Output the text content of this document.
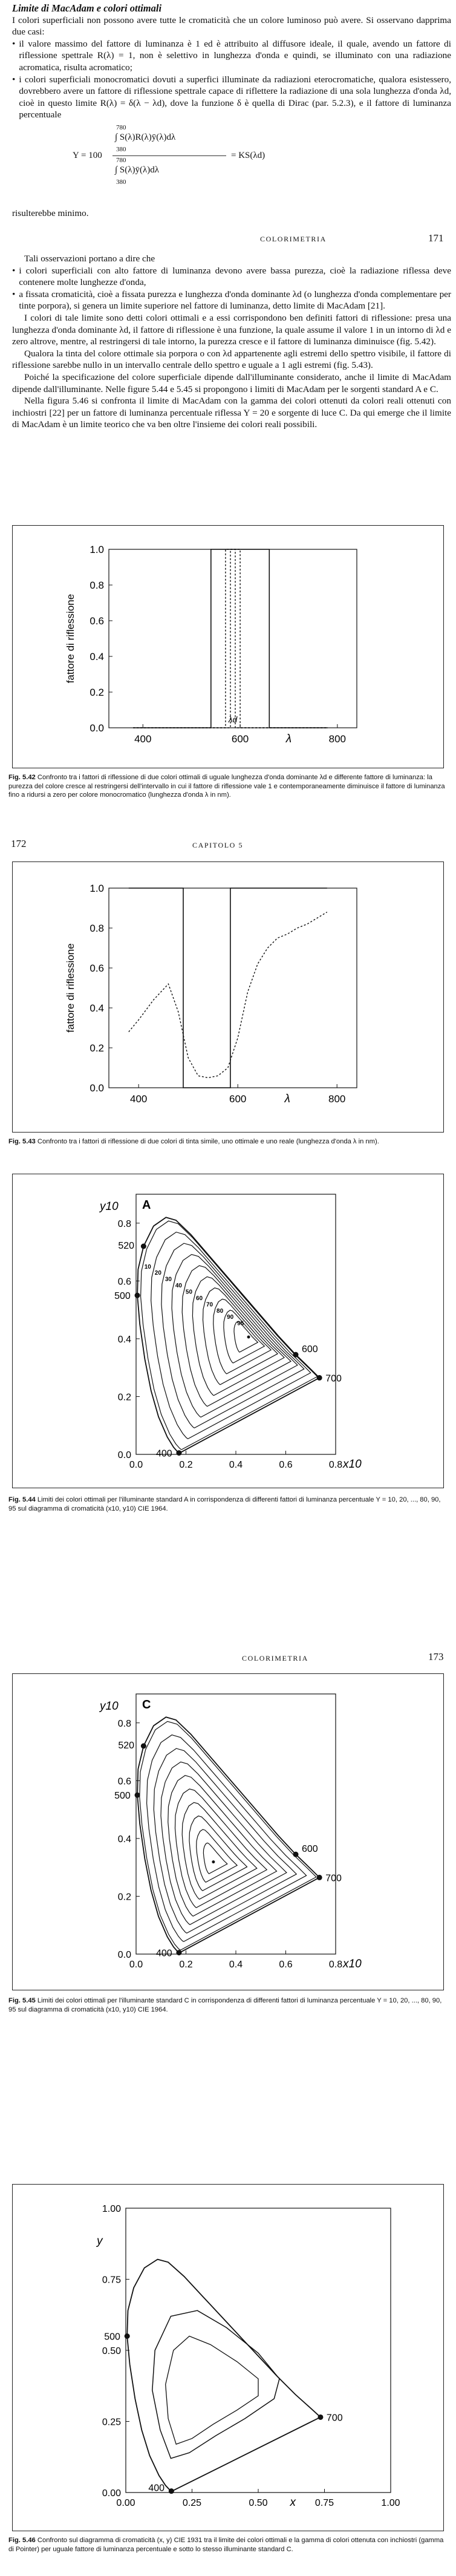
Limite di MacAdam e colori ottimali
I colori superficiali non possono avere tutte le cromaticità che un colore luminoso può avere. Si osservano dapprima due casi:
• il valore massimo del fattore di luminanza è 1 ed è attribuito al diffusore ideale, il quale, avendo un fattore di riflessione spettrale R(λ) = 1, non è selettivo in lunghezza d'onda e quindi, se illuminato con una radiazione acromatica, risulta acromatico;
• i colori superficiali monocromatici dovuti a superfici illuminate da radiazioni eterocromatiche, qualora esistessero, dovrebbero avere un fattore di riflessione spettrale capace di riflettere la radiazione di una sola lunghezza d'onda λd, cioè in questo limite R(λ) = δ(λ − λd), dove la funzione δ è quella di Dirac (par. 5.2.3), e il fattore di luminanza percentuale
Y = 100
780
∫ S(λ)R(λ)ȳ(λ)dλ
380
780
∫ S(λ)ȳ(λ)dλ
380
= KS(λd)
risulterebbe minimo.
COLORIMETRIA	171
Tali osservazioni portano a dire che
• i colori superficiali con alto fattore di luminanza devono avere bassa purezza, cioè la radiazione riflessa deve contenere molte lunghezze d'onda,
• a fissata cromaticità, cioè a fissata purezza e lunghezza d'onda dominante λd (o lunghezza d'onda complementare per tinte porpora), si genera un limite superiore nel fattore di luminanza, detto limite di MacAdam [21].
I colori di tale limite sono detti colori ottimali e a essi corrispondono ben definiti fattori di riflessione: presa una lunghezza d'onda dominante λd, il fattore di riflessione è una funzione, la quale assume il valore 1 in un intorno di λd e zero altrove, mentre, al restringersi di tale intorno, la purezza cresce e il fattore di luminanza diminuisce (fig. 5.42).
Qualora la tinta del colore ottimale sia porpora o con λd appartenente agli estremi dello spettro visibile, il fattore di riflessione sarebbe nullo in un intervallo centrale dello spettro e uguale a 1 agli estremi (fig. 5.43).
Poiché la specificazione del colore superficiale dipende dall'illuminante considerato, anche il limite di MacAdam dipende dall'illuminante. Nelle figure 5.44 e 5.45 si propongono i limiti di MacAdam per le sorgenti standard A e C.
Nella figura 5.46 si confronta il limite di MacAdam con la gamma dei colori ottenuti da colori reali ottenuti con inchiostri [22] per un fattore di luminanza percentuale riflessa Y = 20 e sorgente di luce C. Da qui emerge che il limite di MacAdam è un limite teorico che va ben oltre l'insieme dei colori reali possibili.
0.0
0.2
0.4
0.6
0.8
1.0
400	600	800
λ
fattore di riflessione
λd
Fig. 5.42 Confronto tra i fattori di riflessione di due colori ottimali di uguale lunghezza d'onda dominante λd e differente fattore di luminanza: la purezza del colore cresce al restringersi dell'intervallo in cui il fattore di riflessione vale 1 e contemporaneamente diminuisce il fattore di luminanza fino a ridursi a zero per colore monocromatico (lunghezza d'onda λ in nm).
172	CAPITOLO 5
0.0
0.2
0.4
0.6
0.8
1.0
400	600	800
λ
fattore di riflessione
Fig. 5.43 Confronto tra i fattori di riflessione di due colori di tinta simile, uno ottimale e uno reale (lunghezza d'onda λ in nm).
0.0
0.2
0.4
0.6
0.8
0.0	0.2	0.4	0.6	0.8
y10
x10
A
500
520
600
700
400
10
20
30
40
50
60
70
80
90
95
Fig. 5.44 Limiti dei colori ottimali per l'illuminante standard A in corrispondenza di differenti fattori di luminanza percentuale Y = 10, 20, ..., 80, 90, 95 sul diagramma di cromaticità (x10, y10) CIE 1964.
COLORIMETRIA	173
0.0
0.2
0.4
0.6
0.8
0.0	0.2	0.4	0.6	0.8
y10
x10
C
500
520
600
700
400
Fig. 5.45 Limiti dei colori ottimali per l'illuminante standard C in corrispondenza di differenti fattori di luminanza percentuale Y = 10, 20, ..., 80, 90, 95 sul diagramma di cromaticità (x10, y10) CIE 1964.
0.00
0.25
0.50
0.75
1.00
0.00	0.25	0.50	0.75	1.00
y
x
500
700
400
Fig. 5.46 Confronto sul diagramma di cromaticità (x, y) CIE 1931 tra il limite dei colori ottimali e la gamma di colori ottenuta con inchiostri (gamma di Pointer) per uguale fattore di luminanza percentuale e sotto lo stesso illuminante standard C.
